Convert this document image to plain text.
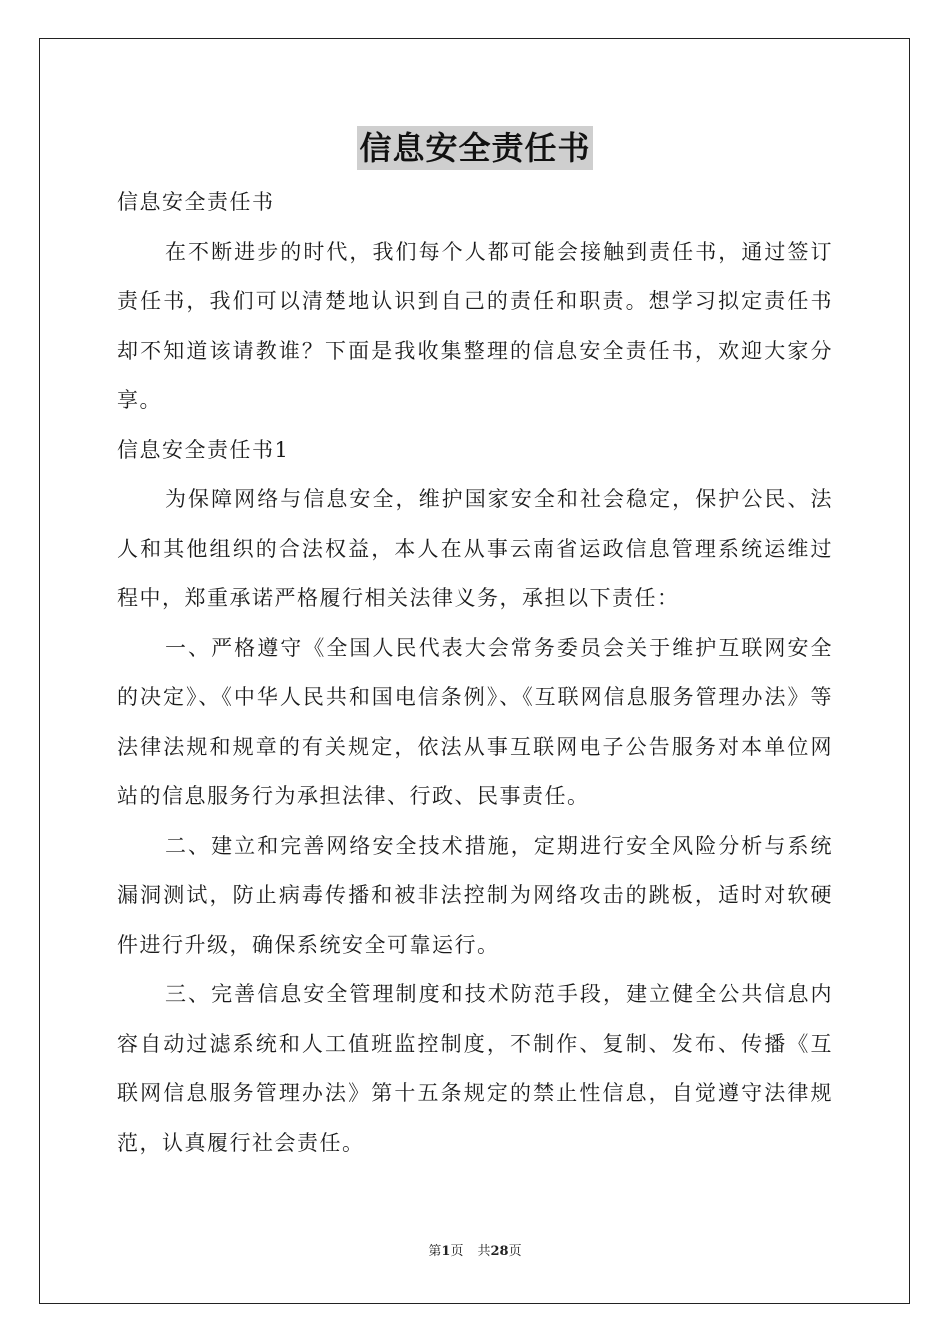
信息安全责任书

信息安全责任书

在不断进步的时代，我们每个人都可能会接触到责任书，通过签订责任书，我们可以清楚地认识到自己的责任和职责。想学习拟定责任书却不知道该请教谁？下面是我收集整理的信息安全责任书，欢迎大家分享。

信息安全责任书1

为保障网络与信息安全，维护国家安全和社会稳定，保护公民、法人和其他组织的合法权益，本人在从事云南省运政信息管理系统运维过程中，郑重承诺严格履行相关法律义务，承担以下责任：

一、严格遵守《全国人民代表大会常务委员会关于维护互联网安全的决定》、《中华人民共和国电信条例》、《互联网信息服务管理办法》等法律法规和规章的有关规定，依法从事互联网电子公告服务对本单位网站的信息服务行为承担法律、行政、民事责任。

二、建立和完善网络安全技术措施，定期进行安全风险分析与系统漏洞测试，防止病毒传播和被非法控制为网络攻击的跳板，适时对软硬件进行升级，确保系统安全可靠运行。

三、完善信息安全管理制度和技术防范手段，建立健全公共信息内容自动过滤系统和人工值班监控制度，不制作、复制、发布、传播《互联网信息服务管理办法》第十五条规定的禁止性信息，自觉遵守法律规范，认真履行社会责任。

第1页 共28页
